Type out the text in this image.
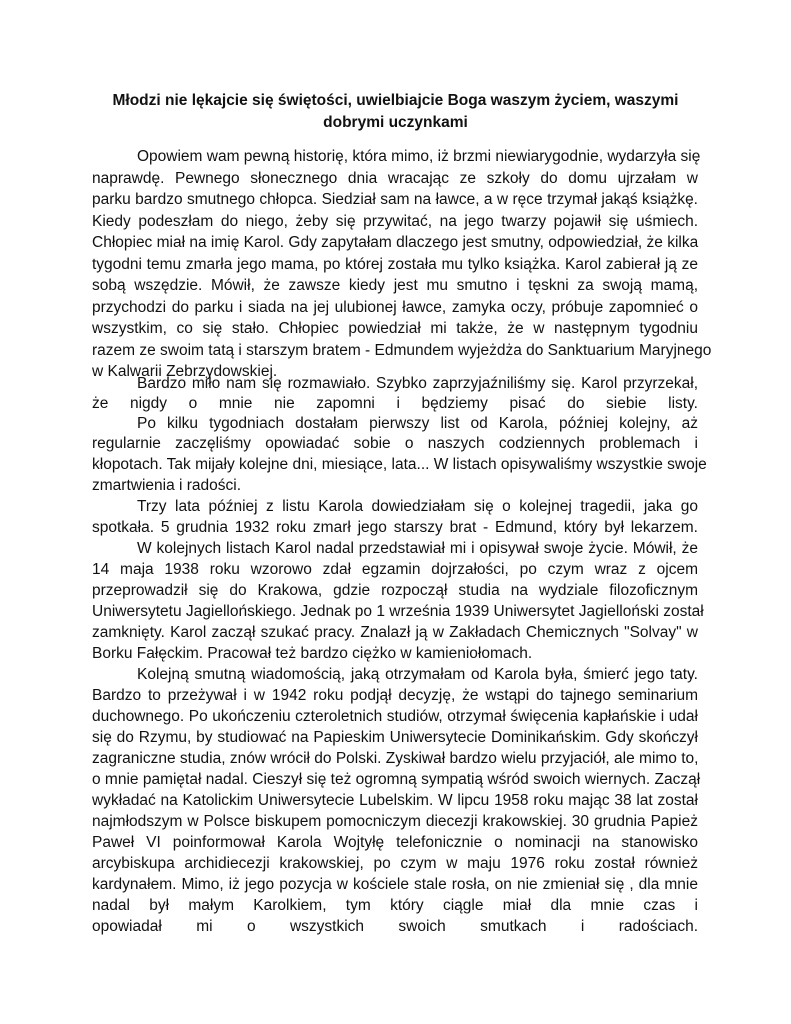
Młodzi nie lękajcie się świętości, uwielbiajcie Boga waszym życiem, waszymi
dobrymi uczynkami
Opowiem wam pewną historię, która mimo, iż brzmi niewiarygodnie, wydarzyła się
naprawdę. Pewnego słonecznego dnia wracając ze szkoły do domu ujrzałam w
parku bardzo smutnego chłopca. Siedział sam na ławce, a w ręce trzymał jakąś książkę.
Kiedy podeszłam do niego, żeby się przywitać, na jego twarzy pojawił się uśmiech.
Chłopiec miał na imię Karol. Gdy zapytałam dlaczego jest smutny, odpowiedział, że kilka
tygodni temu zmarła jego mama, po której została mu tylko książka. Karol zabierał ją ze
sobą wszędzie. Mówił, że zawsze kiedy jest mu smutno i tęskni za swoją mamą,
przychodzi do parku i siada na jej ulubionej ławce, zamyka oczy, próbuje zapomnieć o
wszystkim, co się stało. Chłopiec powiedział mi także, że w następnym tygodniu
razem ze swoim tatą i starszym bratem - Edmundem wyjeżdża do Sanktuarium Maryjnego
w Kalwarii Zebrzydowskiej.
Bardzo miło nam się rozmawiało. Szybko zaprzyjaźniliśmy się. Karol przyrzekał,
że nigdy o mnie nie zapomni i będziemy pisać do siebie listy.
Po kilku tygodniach dostałam pierwszy list od Karola, później kolejny, aż
regularnie zaczęliśmy opowiadać sobie o naszych codziennych problemach i
kłopotach. Tak mijały kolejne dni, miesiące, lata... W listach opisywaliśmy wszystkie swoje
zmartwienia i radości.
Trzy lata później z listu Karola dowiedziałam się o kolejnej tragedii, jaka go
spotkała. 5 grudnia 1932 roku zmarł jego starszy brat - Edmund, który był lekarzem.
W kolejnych listach Karol nadal przedstawiał mi i opisywał swoje życie. Mówił, że
14 maja 1938 roku wzorowo zdał egzamin dojrzałości, po czym wraz z ojcem
przeprowadził się do Krakowa, gdzie rozpoczął studia na wydziale filozoficznym
Uniwersytetu Jagiellońskiego. Jednak po 1 września 1939 Uniwersytet Jagielloński został
zamknięty. Karol zaczął szukać pracy. Znalazł ją w Zakładach Chemicznych "Solvay" w
Borku Fałęckim. Pracował też bardzo ciężko w kamieniołomach.
Kolejną smutną wiadomością, jaką otrzymałam od Karola była, śmierć jego taty.
Bardzo to przeżywał i w 1942 roku podjął decyzję, że wstąpi do tajnego seminarium
duchownego. Po ukończeniu czteroletnich studiów, otrzymał święcenia kapłańskie i udał
się do Rzymu, by studiować na Papieskim Uniwersytecie Dominikańskim. Gdy skończył
zagraniczne studia, znów wrócił do Polski. Zyskiwał bardzo wielu przyjaciół, ale mimo to,
o mnie pamiętał nadal. Cieszył się też ogromną sympatią wśród swoich wiernych. Zaczął
wykładać na Katolickim Uniwersytecie Lubelskim. W lipcu 1958 roku mając 38 lat został
najmłodszym w Polsce biskupem pomocniczym diecezji krakowskiej. 30 grudnia Papież
Paweł VI poinformował Karola Wojtyłę telefonicznie o nominacji na stanowisko
arcybiskupa archidiecezji krakowskiej, po czym w maju 1976 roku został również
kardynałem. Mimo, iż jego pozycja w kościele stale rosła, on nie zmieniał się , dla mnie
nadal był małym Karolkiem, tym który ciągle miał dla mnie czas i
opowiadał mi o wszystkich swoich smutkach i radościach.
